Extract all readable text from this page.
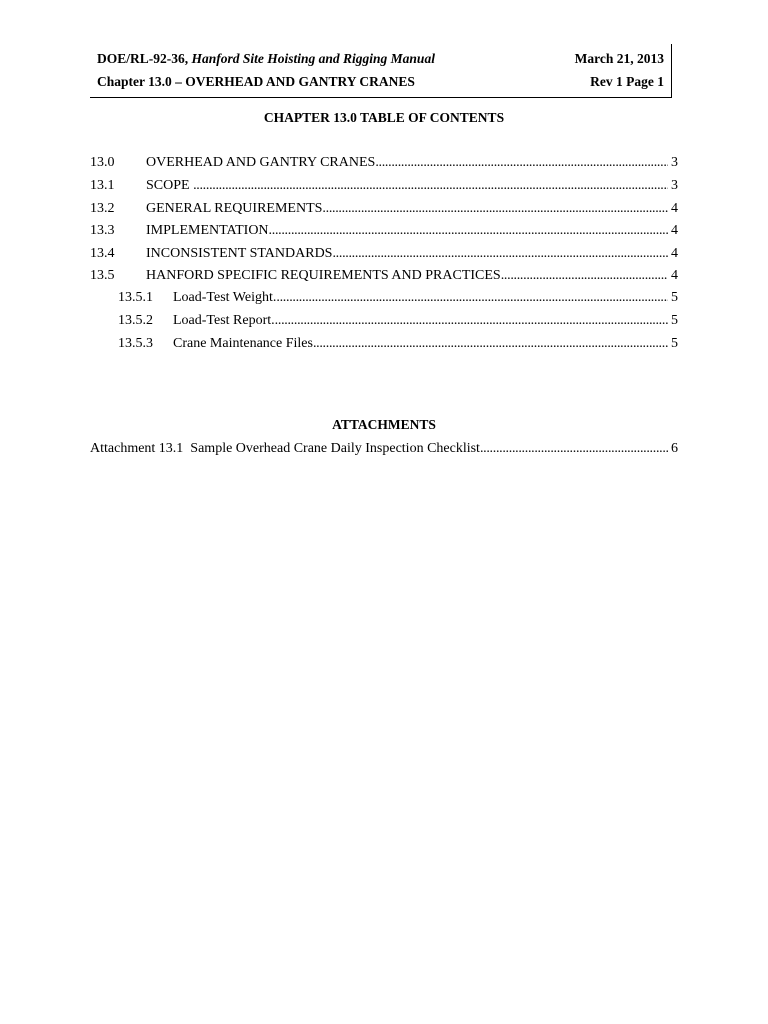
DOE/RL-92-36, Hanford Site Hoisting and Rigging Manual
Chapter 13.0 – OVERHEAD AND GANTRY CRANES
March 21, 2013
Rev 1 Page 1
CHAPTER 13.0 TABLE OF CONTENTS
13.0 OVERHEAD AND GANTRY CRANES . . .	3
13.1 SCOPE . . .	3
13.2 GENERAL REQUIREMENTS . . .	4
13.3 IMPLEMENTATION . . .	4
13.4 INCONSISTENT STANDARDS . . .	4
13.5 HANFORD SPECIFIC REQUIREMENTS AND PRACTICES . . .	4
13.5.1 Load-Test Weight. . . .	5
13.5.2 Load-Test Report. . . .	5
13.5.3 Crane Maintenance Files . . .	5
ATTACHMENTS
Attachment 13.1  Sample Overhead Crane Daily Inspection Checklist . . .	6
